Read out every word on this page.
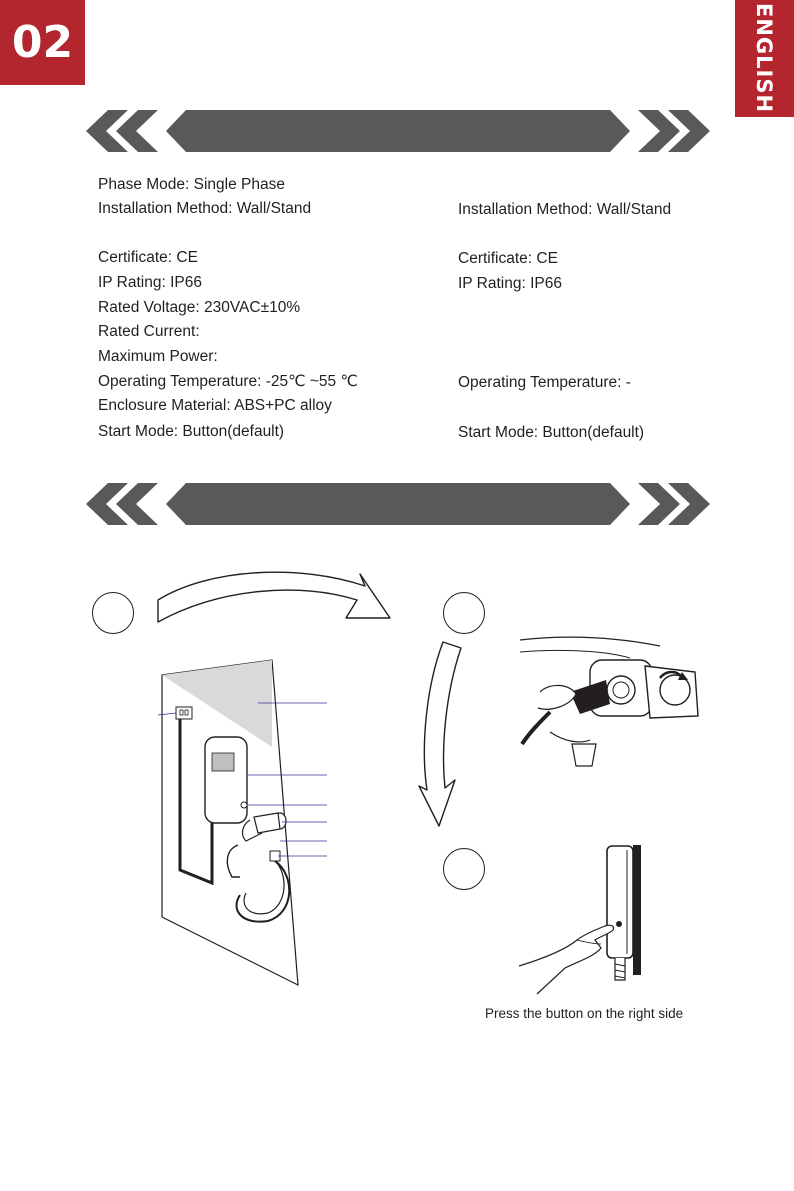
02	ENGLISH
Phase Mode: Single Phase
Installation Method: Wall/Stand
Certificate: CE
IP Rating: IP66
Rated Voltage: 230VAC±10%
Rated Current:
Maximum Power:
Operating Temperature: -25℃ ~55 ℃
Enclosure Material: ABS+PC alloy
Start Mode: Button(default)
Installation Method: Wall/Stand
Certificate: CE
IP Rating: IP66
Operating Temperature: -
Start Mode: Button(default)
Press the button on the right side
